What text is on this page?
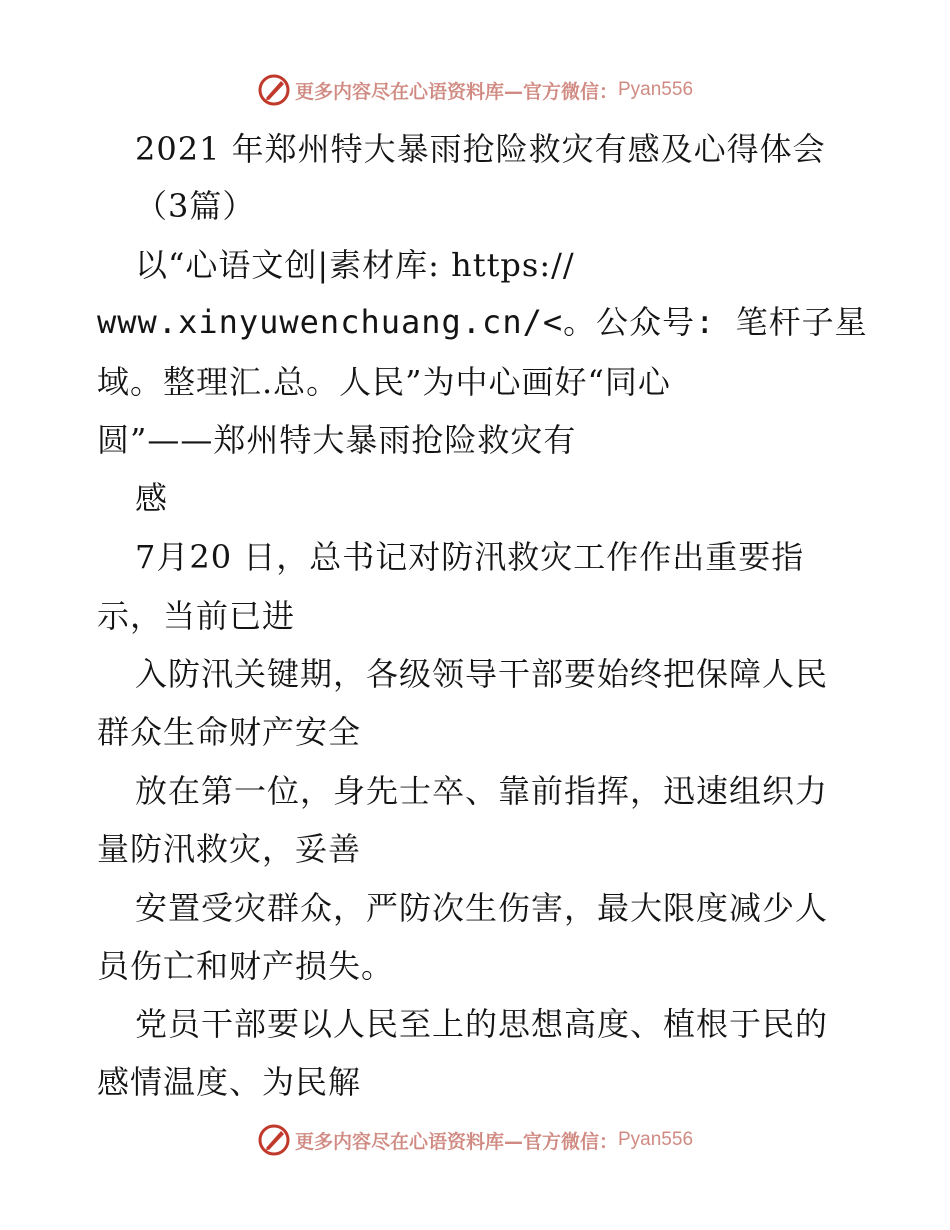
更多内容尽在心语资料库—官方微信： Pyan556
2021 年郑州特大暴雨抢险救灾有感及心得体会
（3篇）
以“心语文创|素材库: https://
www.xinyuwenchuang.cn/<。公众号: 笔杆子星
域。整理汇.总。人民”为中心画好“同心
圆”——郑州特大暴雨抢险救灾有
感
7月20 日，总书记对防汛救灾工作作出重要指
示，当前已进
入防汛关键期，各级领导干部要始终把保障人民
群众生命财产安全
放在第一位，身先士卒、靠前指挥，迅速组织力
量防汛救灾，妥善
安置受灾群众，严防次生伤害，最大限度减少人
员伤亡和财产损失。
党员干部要以人民至上的思想高度、植根于民的
感情温度、为民解
更多内容尽在心语资料库—官方微信： Pyan556
